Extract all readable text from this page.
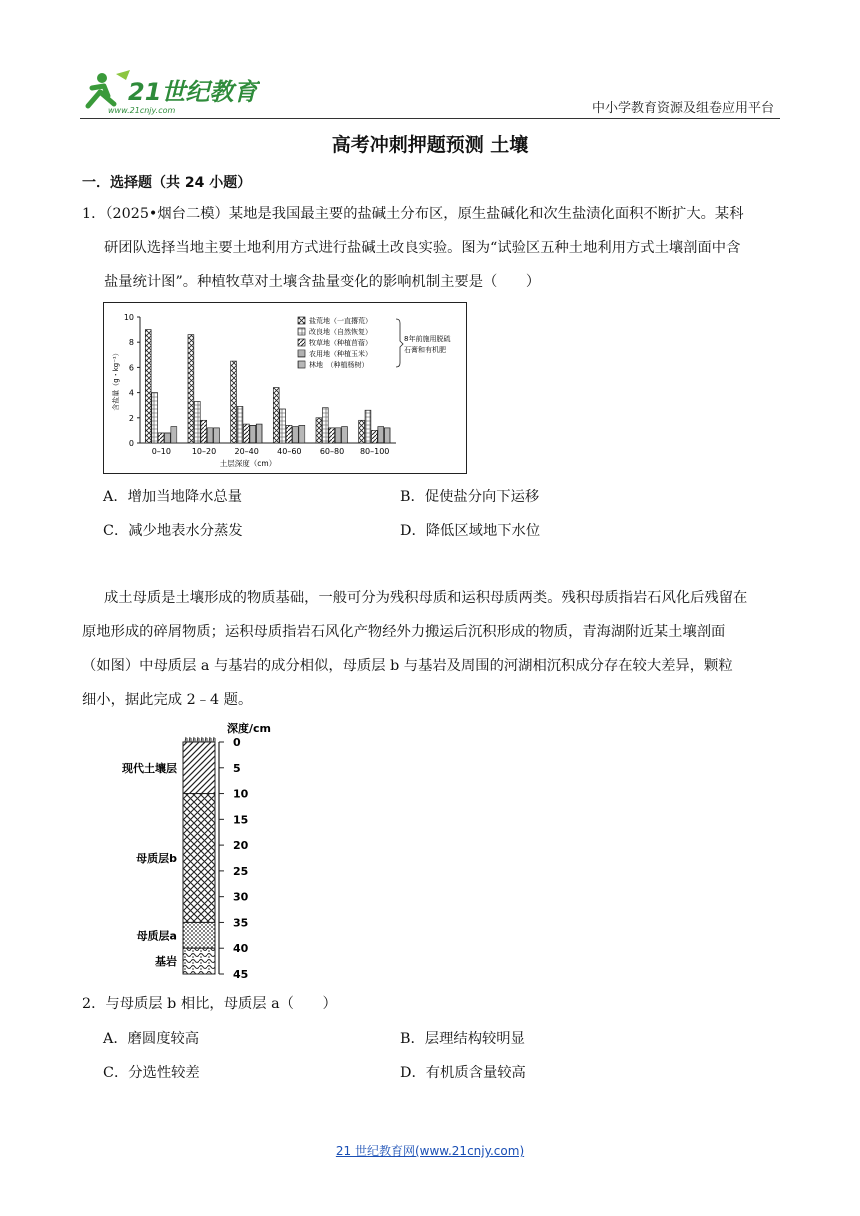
21世纪教育
www.21cnjy.com	中小学教育资源及组卷应用平台
高考冲刺押题预测 土壤
一．选择题（共 24 小题）
1．（2025•烟台二模）某地是我国最主要的盐碱土分布区，原生盐碱化和次生盐渍化面积不断扩大。某科
研团队选择当地主要土地利用方式进行盐碱土改良实验。图为“试验区五种土地利用方式土壤剖面中含
盐量统计图”。种植牧草对土壤含盐量变化的影响机制主要是（　　）
0
2
4
6
8
10
含盐量（g・kg⁻¹）
0–10	10–20 20–40 40–60 60–80 80–100
土层深度（cm）
盐荒地（一直撂荒）
改良地（自然恢复）
牧草地（种植苜蓿）
农用地（种植玉米）
林地　（种植杨树）
8年前施用脱硫
石膏和有机肥
A．增加当地降水总量	B．促使盐分向下运移
C．减少地表水分蒸发	D．降低区域地下水位
成土母质是土壤形成的物质基础，一般可分为残积母质和运积母质两类。残积母质指岩石风化后残留在
原地形成的碎屑物质；运积母质指岩石风化产物经外力搬运后沉积形成的物质，青海湖附近某土壤剖面
（如图）中母质层 a 与基岩的成分相似，母质层 b 与基岩及周围的河湖相沉积成分存在较大差异，颗粒
细小，据此完成 2﹣4 题。
现代土壤层
母质层b
母质层a
基岩
0
5
10
15
20
25
30
35
40
45
深度/cm
2．与母质层 b 相比，母质层 a（　　）
A．磨圆度较高	B．层理结构较明显
C．分选性较差	D．有机质含量较高
21 世纪教育网(www.21cnjy.com)
